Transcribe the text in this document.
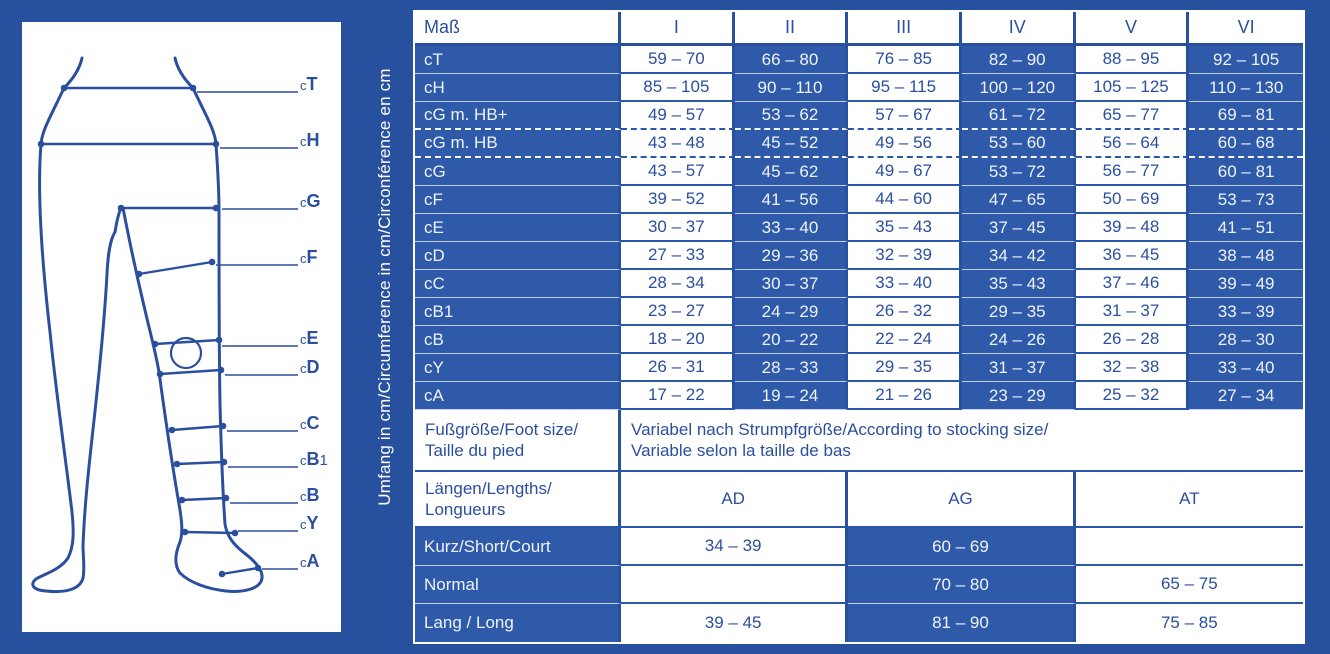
c T
c H
c G
c F
c E
c D
c C
c B 1
c B
c Y
c A
Umfang in cm/Circumference in cm/Circonférence en cm
Maß	I	II	III	IV	V	VI
cT	59 – 70	66 – 80	76 – 85	82 – 90	88 – 95	92 – 105
cH	85 – 105	90 – 110	95 – 115	100 – 120	105 – 125	110 – 130
cG m. HB+	49 – 57	53 – 62	57 – 67	61 – 72	65 – 77	69 – 81
cG m. HB	43 – 48	45 – 52	49 – 56	53 – 60	56 – 64	60 – 68
cG	43 – 57	45 – 62	49 – 67	53 – 72	56 – 77	60 – 81
cF	39 – 52	41 – 56	44 – 60	47 – 65	50 – 69	53 – 73
cE	30 – 37	33 – 40	35 – 43	37 – 45	39 – 48	41 – 51
cD	27 – 33	29 – 36	32 – 39	34 – 42	36 – 45	38 – 48
cC	28 – 34	30 – 37	33 – 40	35 – 43	37 – 46	39 – 49
cB1	23 – 27	24 – 29	26 – 32	29 – 35	31 – 37	33 – 39
cB	18 – 20	20 – 22	22 – 24	24 – 26	26 – 28	28 – 30
cY	26 – 31	28 – 33	29 – 35	31 – 37	32 – 38	33 – 40
cA	17 – 22	19 – 24	21 – 26	23 – 29	25 – 32	27 – 34

Fußgröße/Foot size/
Taille du pied

Variabel nach Strumpfgröße/According to stocking size/
Variable selon la taille de bas

Längen/Lengths/
Longueurs	AD		AG		AT	
Kurz/Short/Court	34 – 39		60 – 69			
Normal			70 – 80		65 – 75	
Lang / Long	39 – 45		81 – 90		75 – 85	
